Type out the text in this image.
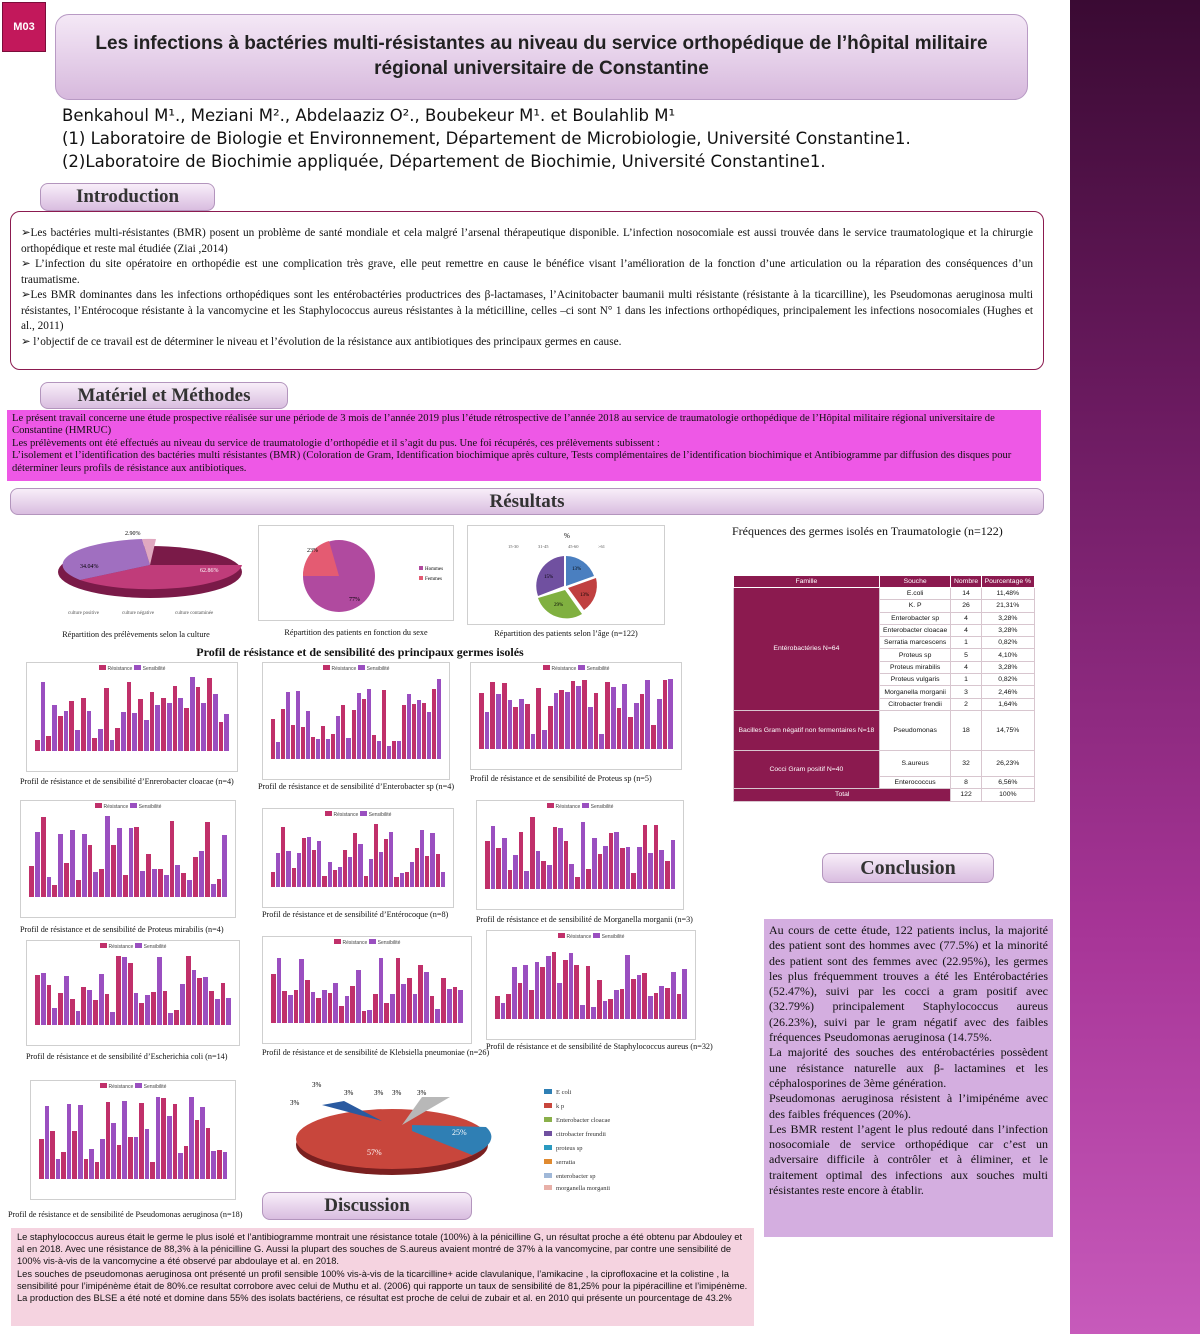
M03
Les infections à bactéries multi-résistantes au niveau du service orthopédique de l’hôpital militaire régional universitaire de Constantine
Benkahoul M¹., Meziani M²., Abdelaaziz O²., Boubekeur M¹. et Boulahlib M¹
(1) Laboratoire de Biologie et Environnement, Département de Microbiologie, Université Constantine1.
(2)Laboratoire de Biochimie appliquée, Département de Biochimie, Université Constantine1.
Introduction

➢Les bactéries multi-résistantes (BMR) posent un problème de santé mondiale et cela malgré l’arsenal thérapeutique disponible. L’infection nosocomiale est aussi trouvée dans le service traumatologique et la chirurgie orthopédique et reste mal étudiée (Ziai ,2014)

➢ L’infection du site opératoire en orthopédie est une complication très grave, elle peut remettre en cause le bénéfice visant l’amélioration de la fonction d’une articulation ou la réparation des conséquences d’un traumatisme.

➢Les BMR dominantes dans les infections orthopédiques sont les entérobactéries productrices des β-lactamases, l’Acinitobacter baumanii multi résistante (résistante à la ticarcilline), les Pseudomonas aeruginosa multi résistantes, l’Entérocoque résistante à la vancomycine et les Staphylococcus aureus résistantes à la méticilline, celles –ci sont N° 1 dans les infections orthopédiques, principalement les infections nosocomiales (Hughes et al., 2011)

➢ l’objectif de ce travail est de déterminer le niveau et l’évolution de la résistance aux antibiotiques des principaux germes en cause.

Matériel et Méthodes

Le présent travail concerne une étude prospective réalisée sur une période de 3 mois de l’année 2019 plus l’étude rétrospective de l’année 2018 au service de traumatologie orthopédique de l’Hôpital militaire régional universitaire de Constantine (HMRUC)

Les prélèvements ont été effectués au niveau du service de traumatologie d’orthopédie et il s’agit du pus. Une foi récupérés, ces prélèvements subissent :

L’isolement et l’identification des bactéries multi résistantes (BMR) (Coloration de Gram, Identification biochimique après culture, Tests complémentaires de l’identification biochimique et Antibiogramme par diffusion des disques pour déterminer leurs profils de résistance aux antibiotiques.

Résultats
Fréquences des germes isolés en Traumatologie (n=122)
62.86%
34.04%
2.90%
culture positive	culture négative	culture contaminée
Répartition des prélèvements selon la culture
77%
23%
Hommes
Femmes
Répartition des patients en fonction du sexe
%
15-30	31-45	45-60	˃61
13%
13%
29%
15%
Répartition des patients selon l’âge (n=122)
Profil de résistance et de sensibilité des principaux germes isolés
25%
57%
3%
3%
3%	3% 3% 3%	E coli
k p
Enterobacter cloacae
citrobacter freundii
proteus sp
serratia
enterobacter sp
morganella morganii
Famille	Souche	Nombre	Pourcentage %
Entérobactéries N=64	E.coli	14	11,48%
	K. P	26	21,31%
	Enterobacter sp	4	3,28%
	Enterobacter cloacae	4	3,28%
	Serratia marcescens	1	0,82%
	Proteus sp	5	4,10%
	Proteus mirabilis	4	3,28%
	Proteus vulgaris	1	0,82%
	Morganella morganii	3	2,46%
	Citrobacter frendii	2	1,64%
Bacilles Gram négatif non fermentaires N=18	Pseudomonas	18	14,75%
Cocci Gram positif N=40	S.aureus	32	26,23%
	Enterococcus	8	6,56%
Total		122	100%
Conclusion

Au cours de cette étude, 122 patients inclus, la majorité des patient sont des hommes avec (77.5%) et la minorité des patient sont des femmes avec (22.95%), les germes les plus fréquemment trouves a été les Entérobactéries (52.47%), suivi par les cocci a gram positif avec (32.79%) principalement Staphylococcus aureus (26.23%), suivi par le gram négatif avec des faibles fréquences Pseudomonas aeruginosa (14.75%.

La majorité des souches des entérobactéries possèdent une résistance naturelle aux β- lactamines et les céphalosporines de 3ème génération.

Pseudomonas aeruginosa résistent à l’imipénéme avec des faibles fréquences (20%).

Les BMR restent l’agent le plus redouté dans l’infection nosocomiale de service orthopédique car c’est un adversaire difficile à contrôler et à éliminer, et le traitement optimal des infections aux souches multi résistantes reste encore à établir.

Profil de résistance et de sensibilité de Pseudomonas aeruginosa (n=18)	Discussion

Le staphylococcus aureus était le germe le plus isolé et l’antibiogramme montrait une résistance totale (100%) à la pénicilline G, un résultat proche a été obtenu par Abdouley et al en 2018. Avec une résistance de 88,3% à la pénicilline G. Aussi la plupart des souches de S.aureus avaient montré de 37% à la vancomycine, par contre une sensibilité de 100% vis-à-vis de la vancomycine a été observé par abdoulaye et al. en 2018.

Les souches de pseudomonas aeruginosa ont présenté un profil sensible 100% vis-à-vis de la ticarcilline+ acide clavulanique, l’amikacine , la ciprofloxacine et la colistine , la sensibilité pour l’imipénème était de 80%.ce resultat corrobore avec celui de Muthu et al. (2006) qui rapporte un taux de sensibilité de 81,25% pour la pipéracilline et l’imipénème.

La production des BLSE a été noté et domine dans 55% des isolats bactériens, ce résultat est proche de celui de zubair et al. en 2010 qui présente un pourcentage de 43.2%

Résistance Sensibilité
Profil de résistance et de sensibilité d’Enrerobacter cloacae (n=4)
Résistance Sensibilité
Profil de résistance et de sensibilité d’Enterobacter sp (n=4)
Résistance Sensibilité
Profil de résistance et de sensibilité de Proteus sp (n=5)
Résistance Sensibilité
Profil de résistance et de sensibilité de Proteus mirabilis (n=4)
Résistance Sensibilité
Profil de résistance et de sensibilité d’Entérocoque (n=8)
Résistance Sensibilité
Profil de résistance et de sensibilité de Morganella morganii (n=3)
Résistance Sensibilité
Profil de résistance et de sensibilité d’Escherichia coli (n=14)
Résistance Sensibilité
Profil de résistance et de sensibilité de Klebsiella pneumoniae (n=26)
Résistance Sensibilité
Profil de résistance et de sensibilité de Staphylococcus aureus (n=32)
Résistance Sensibilité
